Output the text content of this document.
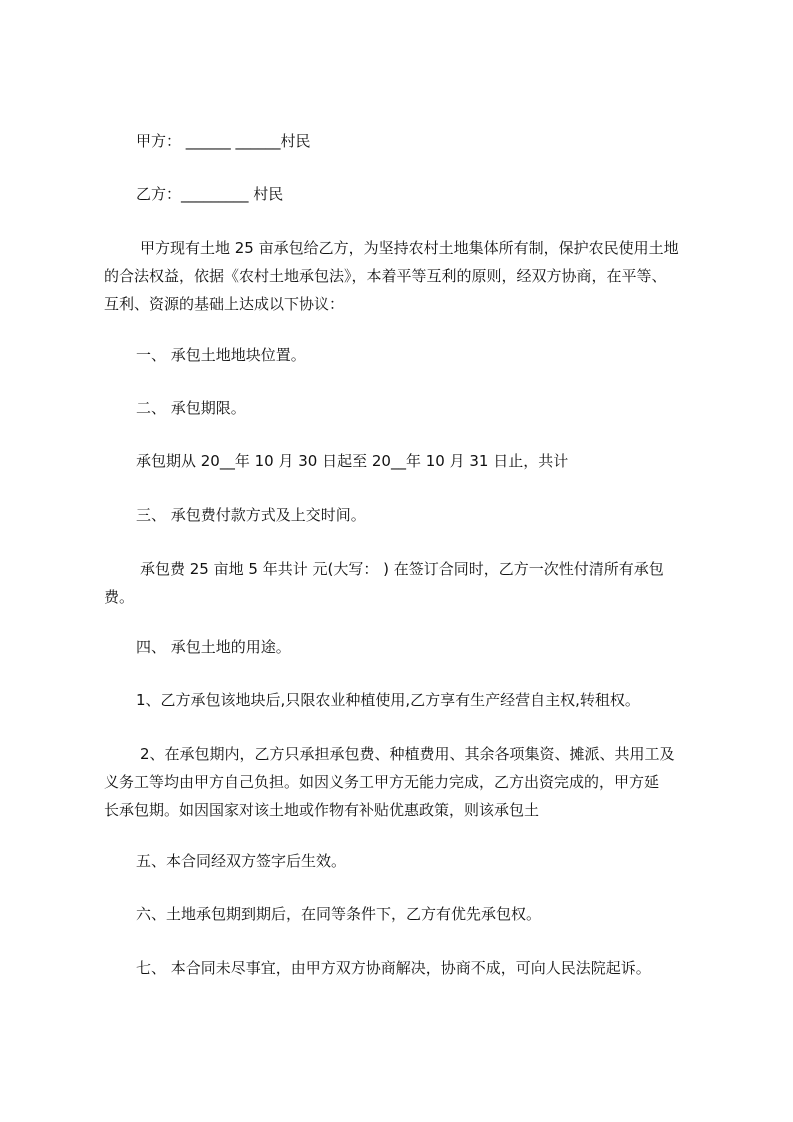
甲方： ______ ______村民

乙方：_________ 村民

甲方现有土地 25 亩承包给乙方，为坚持农村土地集体所有制，保护农民使用土地
的合法权益，依据《农村土地承包法》，本着平等互利的原则，经双方协商，在平等、
互利、资源的基础上达成以下协议：

一、 承包土地地块位置。

二、 承包期限。

承包期从 20__年 10 月 30 日起至 20__年 10 月 31 日止，共计

三、 承包费付款方式及上交时间。

承包费 25 亩地 5 年共计 元(大写： ) 在签订合同时，乙方一次性付清所有承包
费。

四、 承包土地的用途。

1、乙方承包该地块后,只限农业种植使用,乙方享有生产经营自主权,转租权。

2、在承包期内，乙方只承担承包费、种植费用、其余各项集资、摊派、共用工及
义务工等均由甲方自己负担。如因义务工甲方无能力完成，乙方出资完成的，甲方延
长承包期。如因国家对该土地或作物有补贴优惠政策，则该承包土

五、本合同经双方签字后生效。

六、土地承包期到期后，在同等条件下，乙方有优先承包权。

七、 本合同未尽事宜，由甲方双方协商解决，协商不成，可向人民法院起诉。
